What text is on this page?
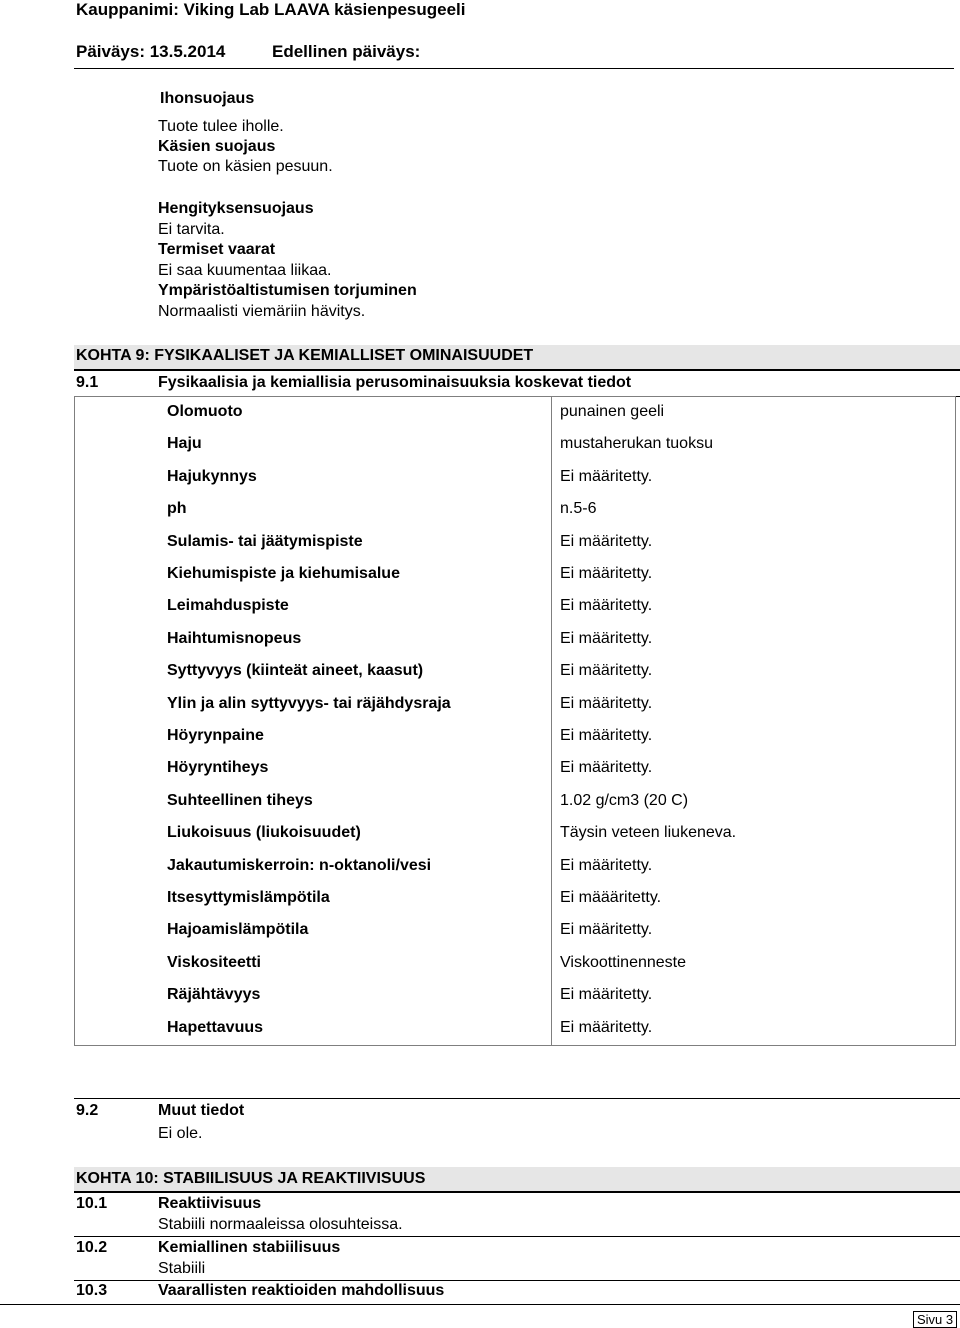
Kauppanimi: Viking Lab LAAVA käsienpesugeeli
Päiväys: 13.5.2014	Edellinen päiväys:
Ihonsuojaus
Tuote tulee iholle.
Käsien suojaus
Tuote on käsien pesuun.
Hengityksensuojaus
Ei tarvita.
Termiset vaarat
Ei saa kuumentaa liikaa.
Ympäristöaltistumisen torjuminen
Normaalisti viemäriin hävitys.
KOHTA 9: FYSIKAALISET JA KEMIALLISET OMINAISUUDET
9.1	Fysikaalisia ja kemiallisia perusominaisuuksia koskevat tiedot
Olomuoto	punainen geeli
Haju	mustaherukan tuoksu
Hajukynnys	Ei määritetty.
ph	n.5-6
Sulamis- tai jäätymispiste	Ei määritetty.
Kiehumispiste ja kiehumisalue	Ei määritetty.
Leimahduspiste	Ei määritetty.
Haihtumisnopeus	Ei määritetty.
Syttyvyys (kiinteät aineet, kaasut)	Ei määritetty.
Ylin ja alin syttyvyys- tai räjähdysraja	Ei määritetty.
Höyrynpaine	Ei määritetty.
Höyryntiheys	Ei määritetty.
Suhteellinen tiheys	1.02 g/cm3 (20 C)
Liukoisuus (liukoisuudet)	Täysin veteen liukeneva.
Jakautumiskerroin: n-oktanoli/vesi	Ei määritetty.
Itsesyttymislämpötila	Ei määäritetty.
Hajoamislämpötila	Ei määritetty.
Viskositeetti	Viskoottinenneste
Räjähtävyys	Ei määritetty.
Hapettavuus	Ei määritetty.
9.2	Muut tiedot
Ei ole.
KOHTA 10: STABIILISUUS JA REAKTIIVISUUS
10.1	Reaktiivisuus
Stabiili normaaleissa olosuhteissa.
10.2	Kemiallinen stabiilisuus
Stabiili
10.3	Vaarallisten reaktioiden mahdollisuus
Sivu 3
